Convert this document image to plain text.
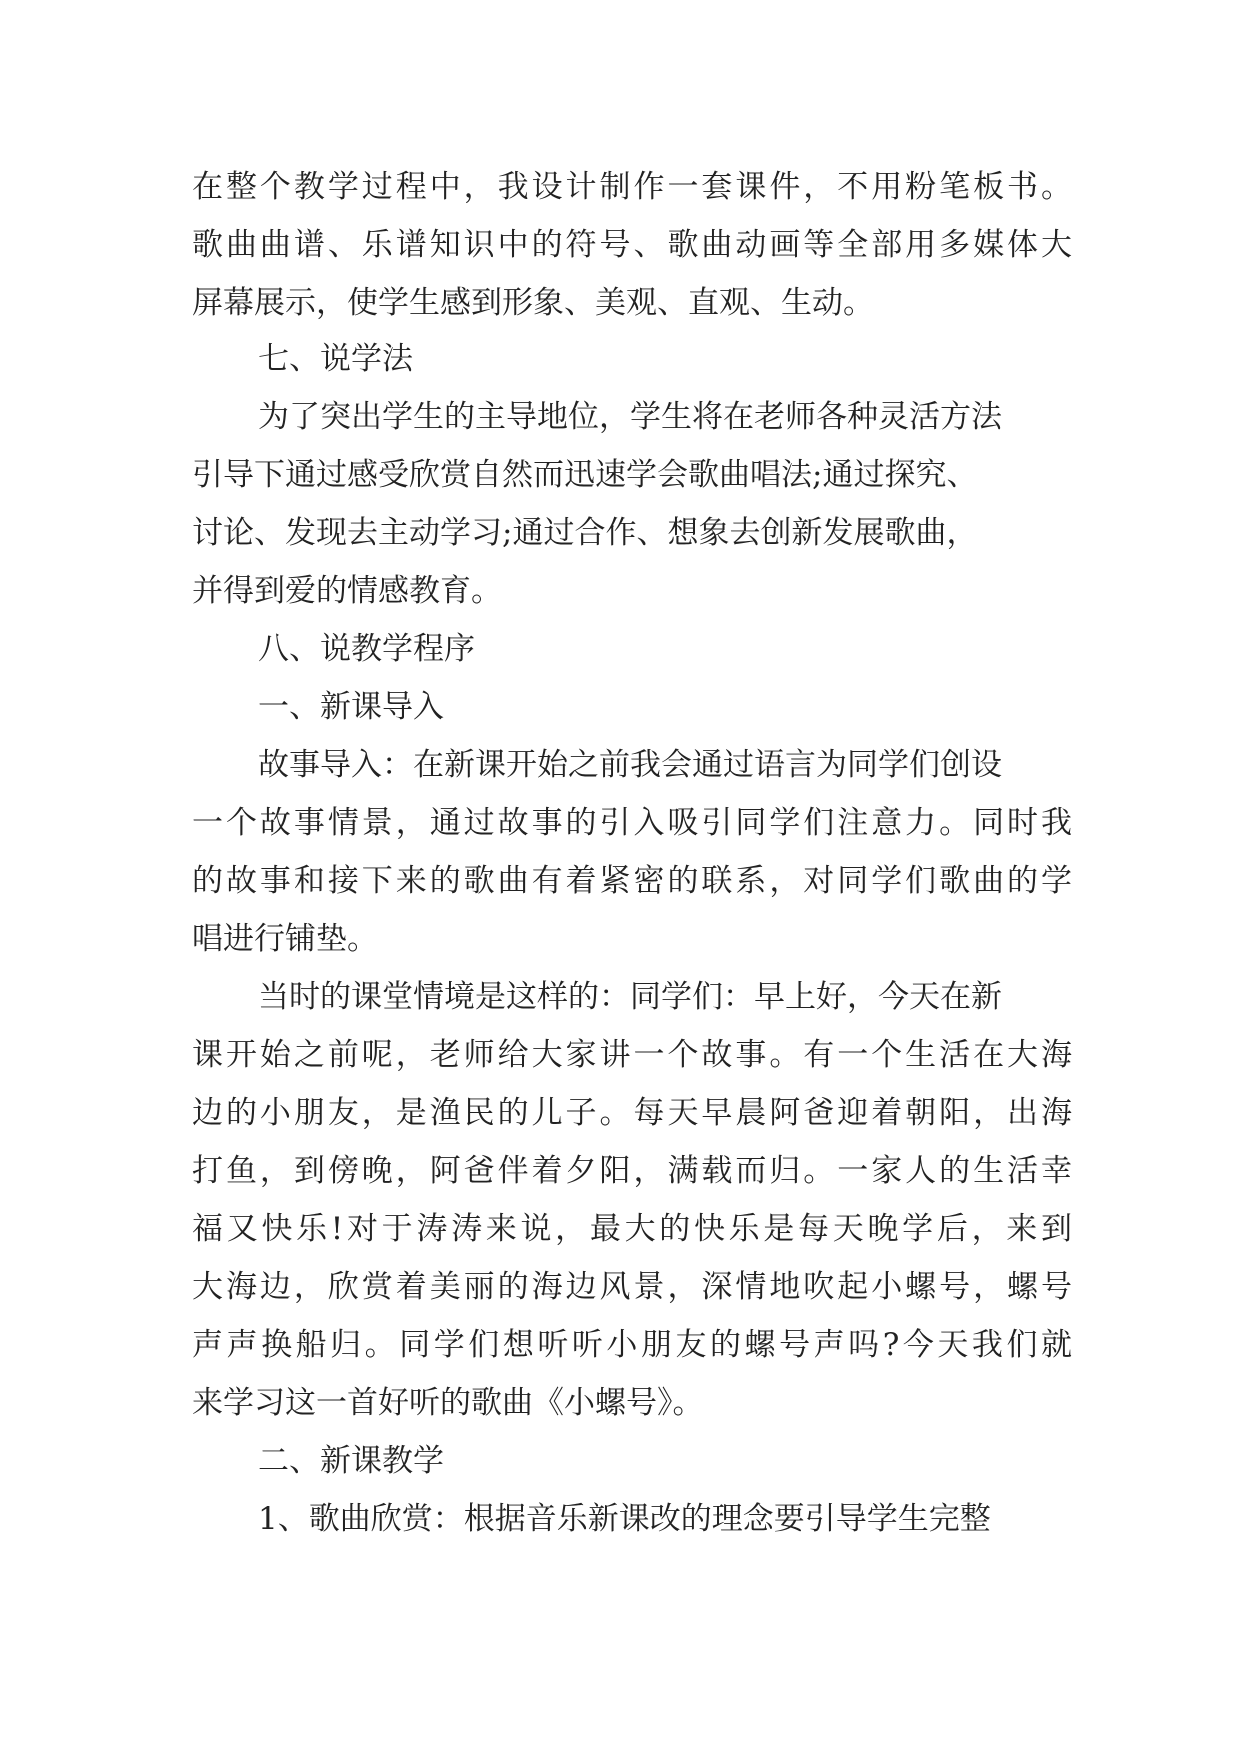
在整个教学过程中，我设计制作一套课件，不用粉笔板书。
歌曲曲谱、乐谱知识中的符号、歌曲动画等全部用多媒体大
屏幕展示，使学生感到形象、美观、直观、生动。
七、说学法
为了突出学生的主导地位，学生将在老师各种灵活方法
引导下通过感受欣赏自然而迅速学会歌曲唱法;通过探究、
讨论、发现去主动学习;通过合作、想象去创新发展歌曲，
并得到爱的情感教育。
八、说教学程序
一、新课导入
故事导入：在新课开始之前我会通过语言为同学们创设
一个故事情景，通过故事的引入吸引同学们注意力。同时我
的故事和接下来的歌曲有着紧密的联系，对同学们歌曲的学
唱进行铺垫。
当时的课堂情境是这样的：同学们：早上好，今天在新
课开始之前呢，老师给大家讲一个故事。有一个生活在大海
边的小朋友，是渔民的儿子。每天早晨阿爸迎着朝阳，出海
打鱼，到傍晚，阿爸伴着夕阳，满载而归。一家人的生活幸
福又快乐!对于涛涛来说，最大的快乐是每天晚学后，来到
大海边，欣赏着美丽的海边风景，深情地吹起小螺号，螺号
声声换船归。同学们想听听小朋友的螺号声吗?今天我们就
来学习这一首好听的歌曲《小螺号》。
二、新课教学
1、歌曲欣赏：根据音乐新课改的理念要引导学生完整
